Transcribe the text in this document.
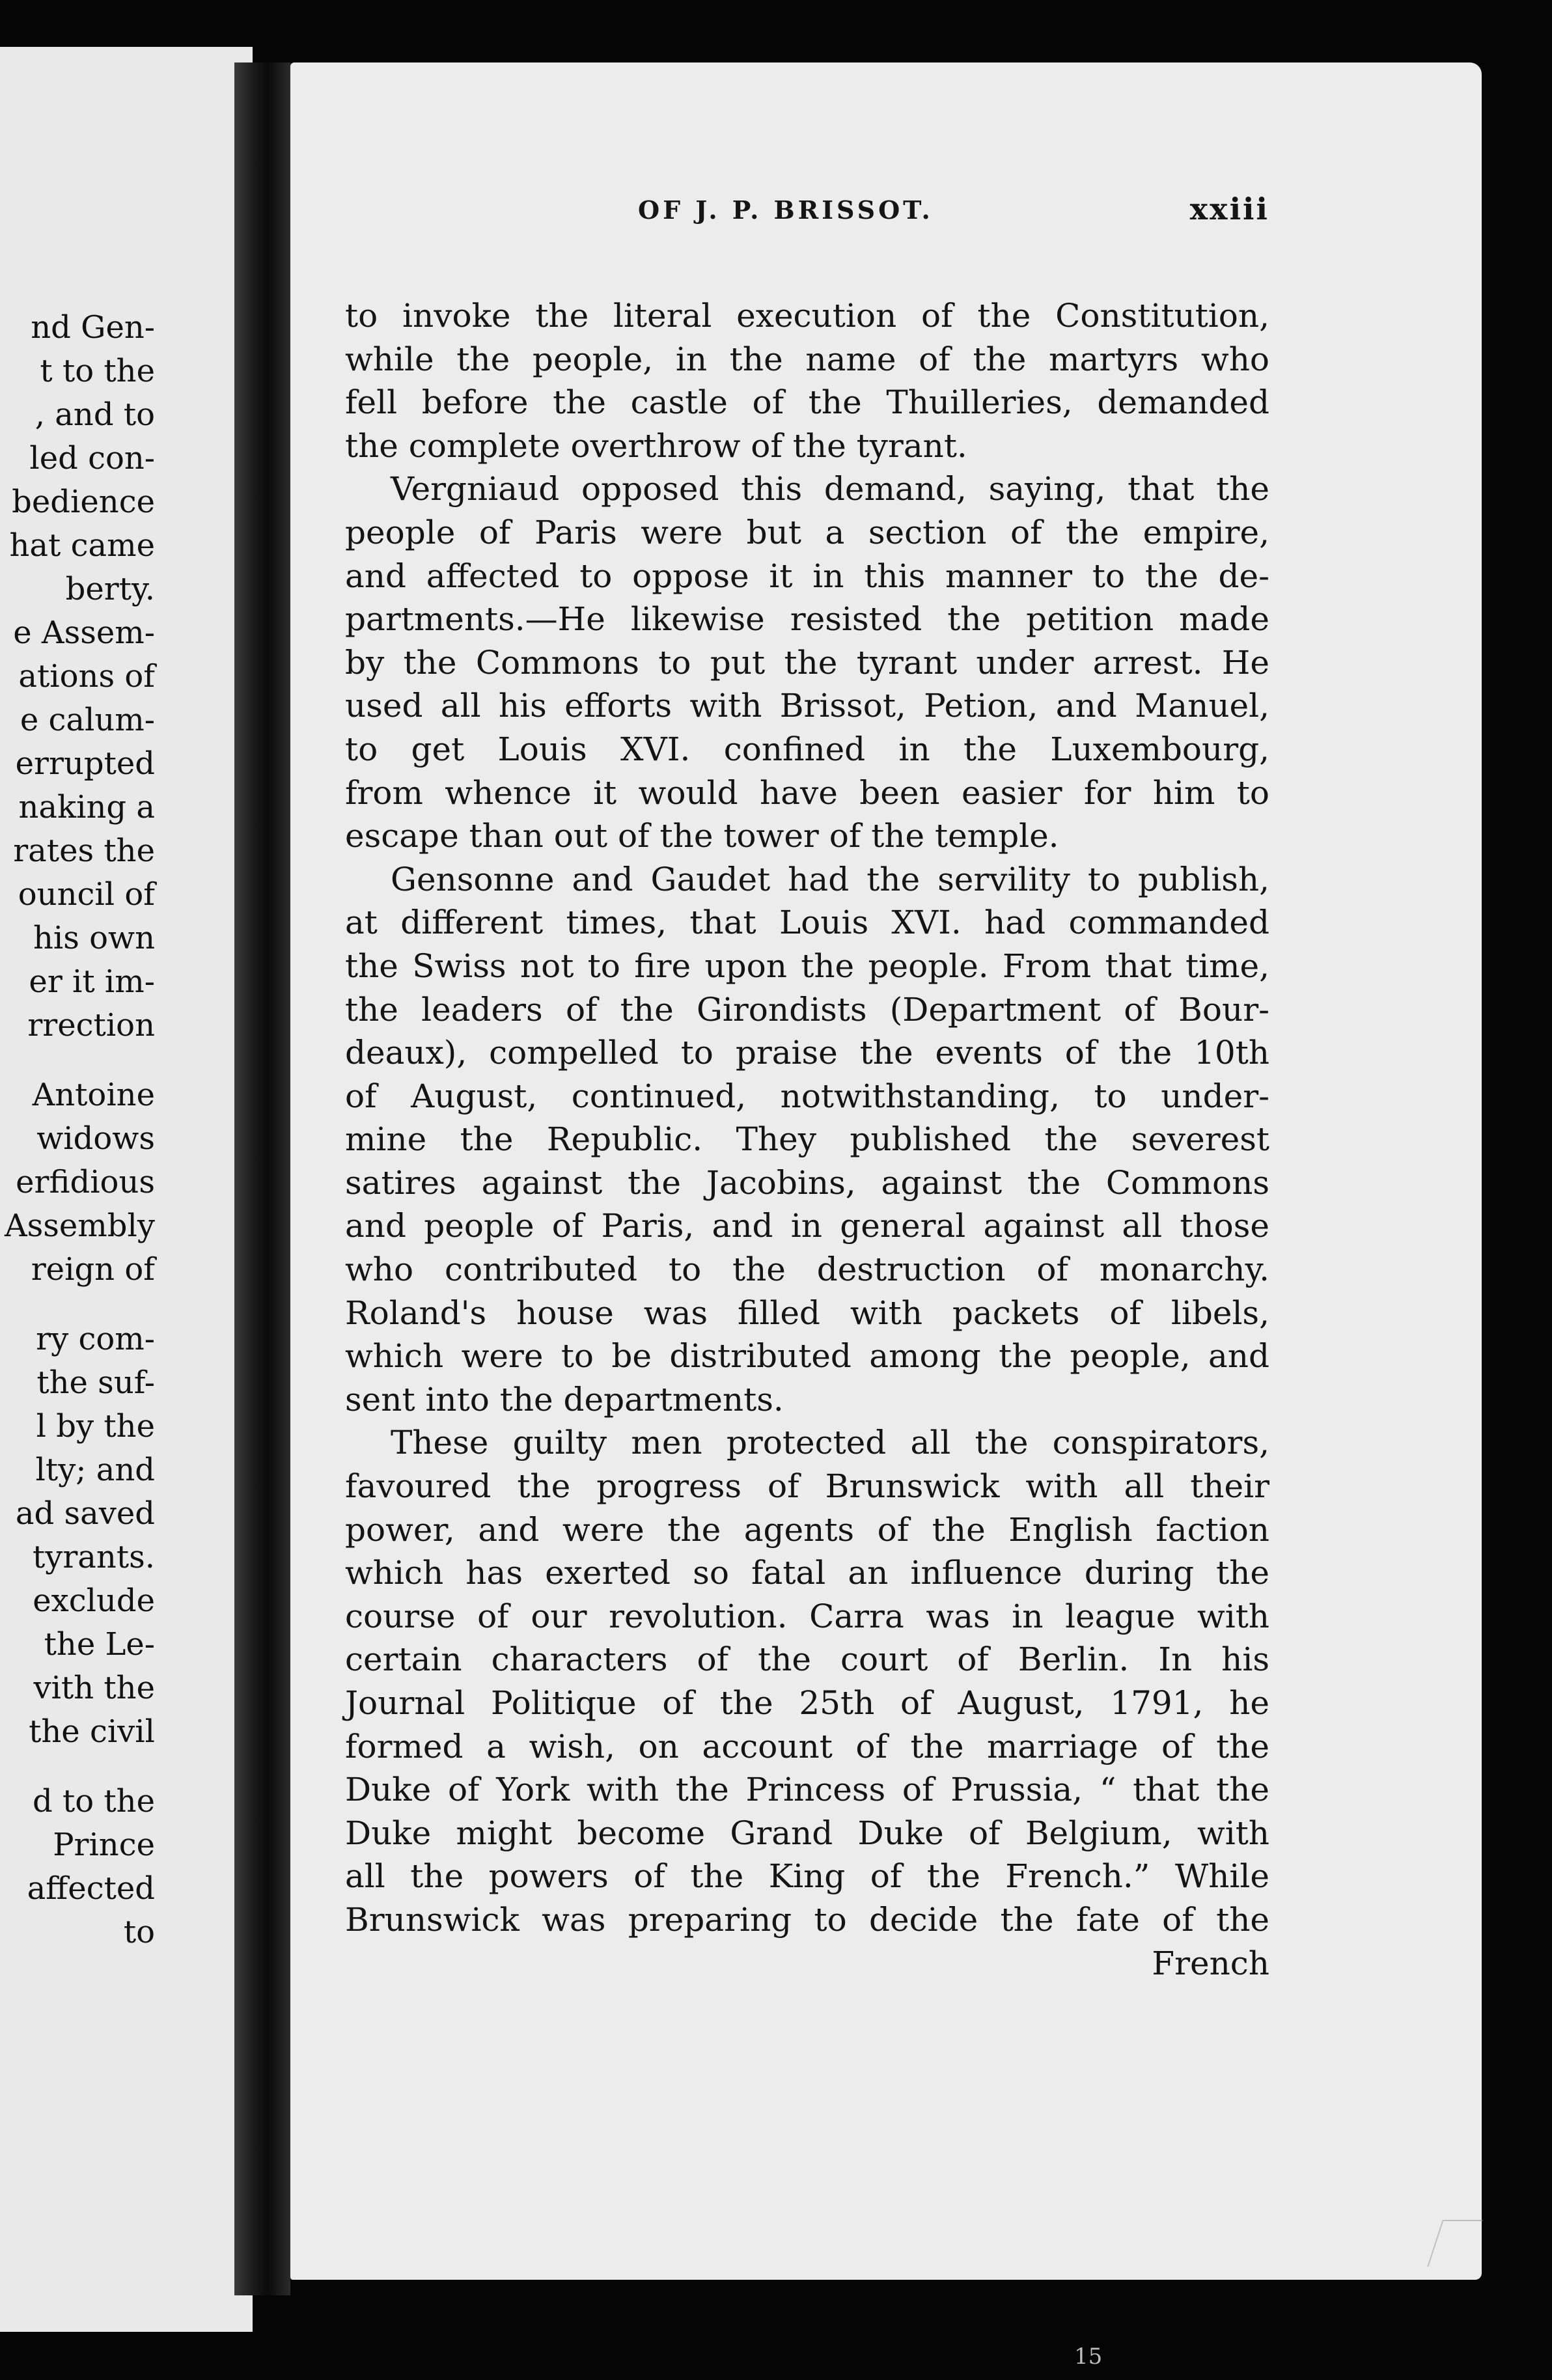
nd Gen-
t to the
, and to
led con-
bedience
hat came
berty.
e Assem-
ations of
e calum-
errupted
naking a
rates the
ouncil of
his own
er it im-
rrection
Antoine
widows
erfidious
Assembly
reign of
ry com-
the suf-
l by the
lty; and
ad saved
tyrants.
exclude
the Le-
vith the
the civil
d to the
Prince
affected
to
OF J. P. BRISSOT.	xxiii
to invoke the literal execution of the Constitution,
while the people, in the name of the martyrs who
fell before the castle of the Thuilleries, demanded
the complete overthrow of the tyrant.
Vergniaud opposed this demand, saying, that the
people of Paris were but a section of the empire,
and affected to oppose it in this manner to the de-
partments.—He likewise resisted the petition made
by the Commons to put the tyrant under arrest. He
used all his efforts with Brissot, Petion, and Manuel,
to get Louis XVI. confined in the Luxembourg,
from whence it would have been easier for him to
escape than out of the tower of the temple.
Gensonne and Gaudet had the servility to publish,
at different times, that Louis XVI. had commanded
the Swiss not to fire upon the people. From that time,
the leaders of the Girondists (Department of Bour-
deaux), compelled to praise the events of the 10th
of August, continued, notwithstanding, to under-
mine the Republic. They published the severest
satires against the Jacobins, against the Commons
and people of Paris, and in general against all those
who contributed to the destruction of monarchy.
Roland's house was filled with packets of libels,
which were to be distributed among the people, and
sent into the departments.
These guilty men protected all the conspirators,
favoured the progress of Brunswick with all their
power, and were the agents of the English faction
which has exerted so fatal an influence during the
course of our revolution. Carra was in league with
certain characters of the court of Berlin. In his
Journal Politique of the 25th of August, 1791, he
formed a wish, on account of the marriage of the
Duke of York with the Princess of Prussia, “ that the
Duke might become Grand Duke of Belgium, with
all the powers of the King of the French.” While
Brunswick was preparing to decide the fate of the
French
15
